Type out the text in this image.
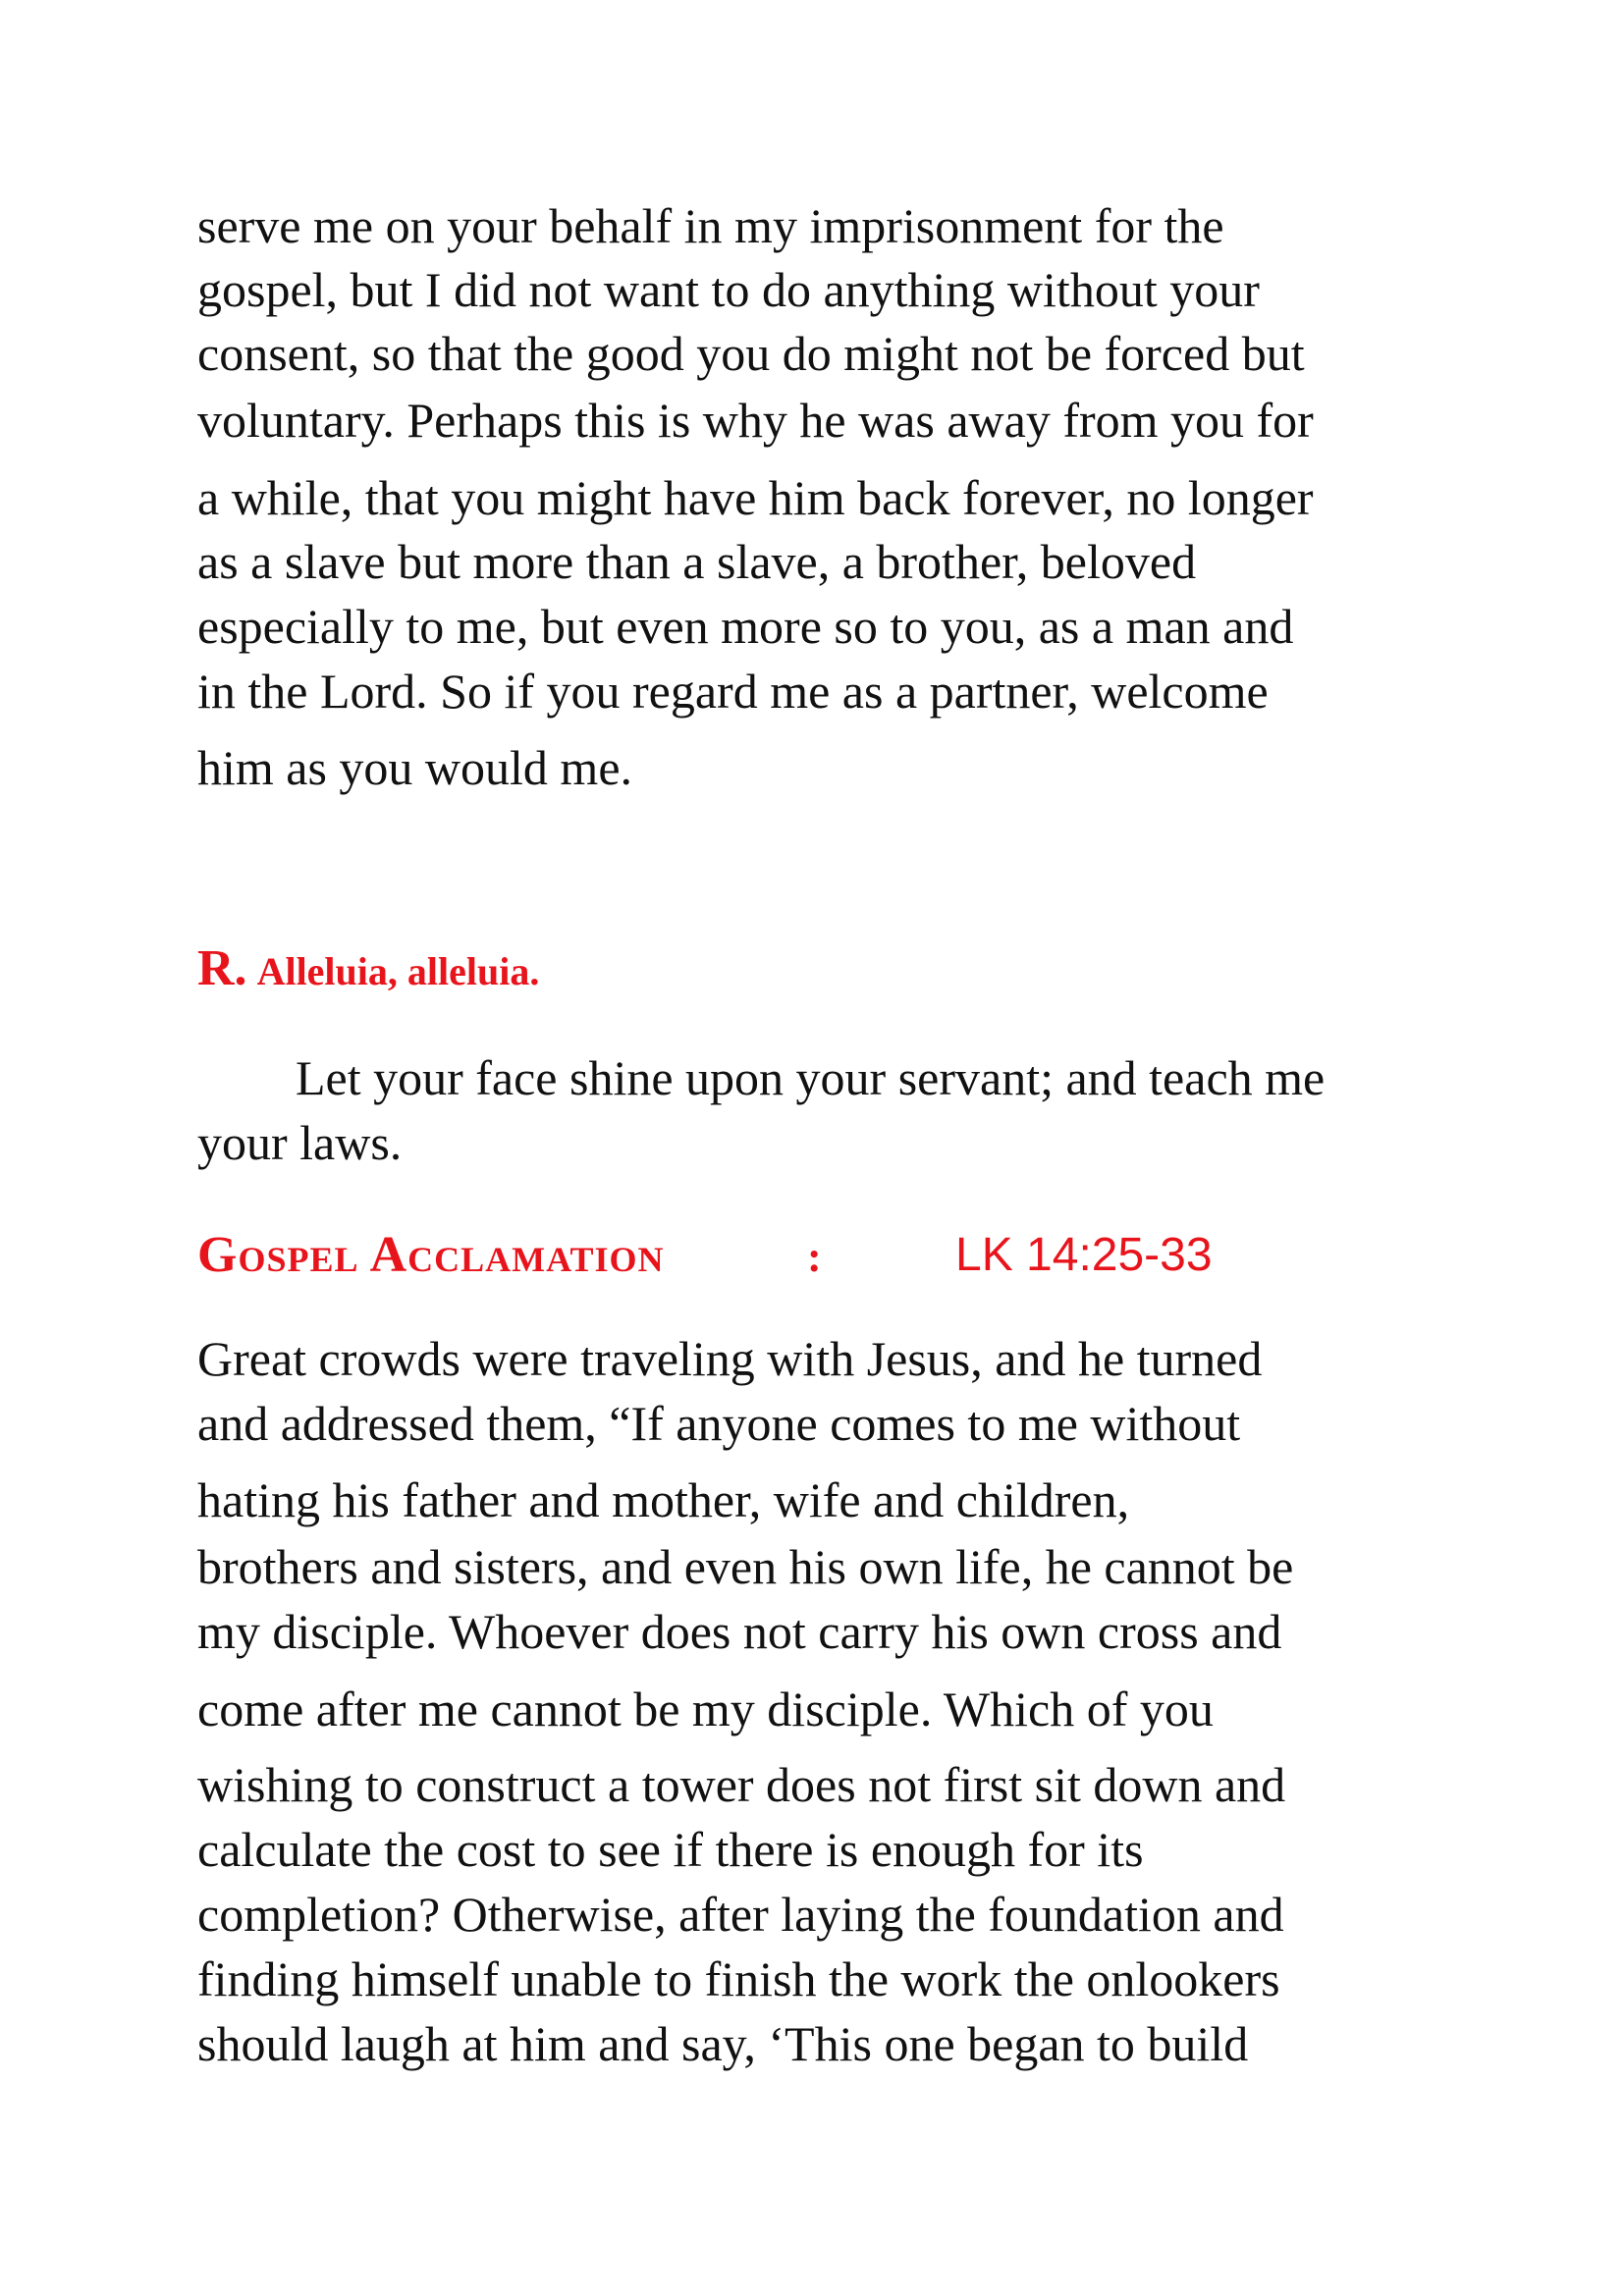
serve me on your behalf in my imprisonment for the
gospel, but I did not want to do anything without your
consent, so that the good you do might not be forced but
voluntary. Perhaps this is why he was away from you for
a while, that you might have him back forever, no longer
as a slave but more than a slave, a brother, beloved
especially to me, but even more so to you, as a man and
in the Lord. So if you regard me as a partner, welcome
him as you would me.
R. Alleluia, alleluia.
Let your face shine upon your servant; and teach me
your laws.
Gospel Acclamation	:	LK 14:25-33
Great crowds were traveling with Jesus, and he turned
and addressed them, “If anyone comes to me without
hating his father and mother, wife and children,
brothers and sisters, and even his own life, he cannot be
my disciple. Whoever does not carry his own cross and
come after me cannot be my disciple. Which of you
wishing to construct a tower does not first sit down and
calculate the cost to see if there is enough for its
completion? Otherwise, after laying the foundation and
finding himself unable to finish the work the onlookers
should laugh at him and say, ‘This one began to build
